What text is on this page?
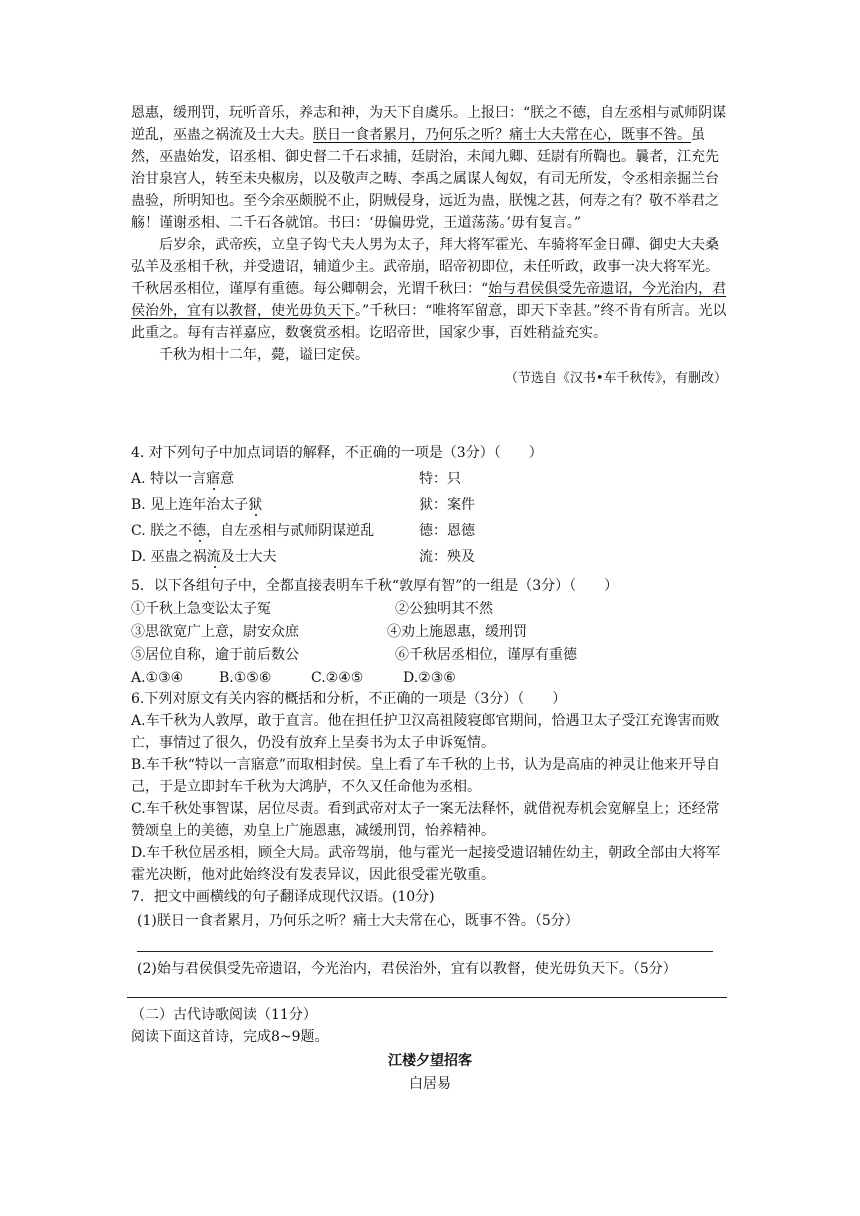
恩惠，缓刑罚，玩听音乐，养志和神，为天下自虞乐。上报曰：“朕之不德，自左丞相与贰师阴谋逆乱，巫蛊之祸流及士大夫。朕日一食者累月，乃何乐之听？痛士大夫常在心，既事不咎。虽然，巫蛊始发，诏丞相、御史督二千石求捕，廷尉治，未闻九卿、廷尉有所鞫也。曩者，江充先治甘泉宫人，转至未央椒房，以及敬声之畴、李禹之属谋人匈奴，有司无所发，令丞相亲掘兰台蛊验，所明知也。至今余巫颇脱不止，阴贼侵身，远近为蛊，朕愧之甚，何寿之有？敬不举君之觞！谨谢丞相、二千石各就馆。书曰：‘毋偏毋党，王道荡荡。’毋有复言。”

后岁余，武帝疾，立皇子钩弋夫人男为太子，拜大将军霍光、车骑将军金日磾、御史大夫桑弘羊及丞相千秋，并受遗诏，辅道少主。武帝崩，昭帝初即位，未任听政，政事一决大将军光。千秋居丞相位，谨厚有重德。每公卿朝会，光谓千秋曰：“始与君侯俱受先帝遗诏，今光治内，君侯治外，宜有以教督，使光毋负天下。”千秋曰：“唯将军留意，即天下幸甚。”终不肯有所言。光以此重之。每有吉祥嘉应，数褒赏丞相。讫昭帝世，国家少事，百姓稍益充实。

千秋为相十二年，薨，谥曰定侯。

（节选自《汉书•车千秋传》，有删改）

4. 对下列句子中加点词语的解释，不正确的一项是（3分）（　　）
A. 特以一言寤意	特：只
B. 见上连年治太子狱	狱：案件
C. 朕之不德，自左丞相与贰师阴谋逆乱	德：恩德
D. 巫蛊之祸流及士大夫	流：殃及
5．以下各组句子中，全都直接表明车千秋“敦厚有智”的一组是（3分）（　　）
①千秋上急变讼太子冤	②公独明其不然
③思欲宽广上意，尉安众庶	④劝上施恩惠，缓刑罚
⑤居位自称，逾于前后数公	⑥千秋居丞相位，谨厚有重德
A.①③④	B.①⑤⑥	C.②④⑤	D.②③⑥

6.下列对原文有关内容的概括和分析，不正确的一项是（3分）（　　）

A.车千秋为人敦厚，敢于直言。他在担任护卫汉高祖陵寝郎官期间，恰遇卫太子受江充谗害而败亡，事情过了很久，仍没有放弃上呈奏书为太子申诉冤情。

B.车千秋“特以一言寤意”而取相封侯。皇上看了车千秋的上书，认为是高庙的神灵让他来开导自己，于是立即封车千秋为大鸿胪，不久又任命他为丞相。

C.车千秋处事智谋，居位尽责。看到武帝对太子一案无法释怀，就借祝寿机会宽解皇上；还经常赞颂皇上的美德，劝皇上广施恩惠，减缓刑罚，怡养精神。

D.车千秋位居丞相，顾全大局。武帝驾崩，他与霍光一起接受遗诏辅佐幼主，朝政全部由大将军霍光决断，他对此始终没有发表异议，因此很受霍光敬重。

7．把文中画横线的句子翻译成现代汉语。(10分)

(1)朕日一食者累月，乃何乐之听？痛士大夫常在心，既事不咎。（5分）

(2)始与君侯俱受先帝遗诏，今光治内，君侯治外，宜有以教督，使光毋负天下。（5分）

（二）古代诗歌阅读（11分）

阅读下面这首诗，完成8~9题。

江楼夕望招客
白居易
